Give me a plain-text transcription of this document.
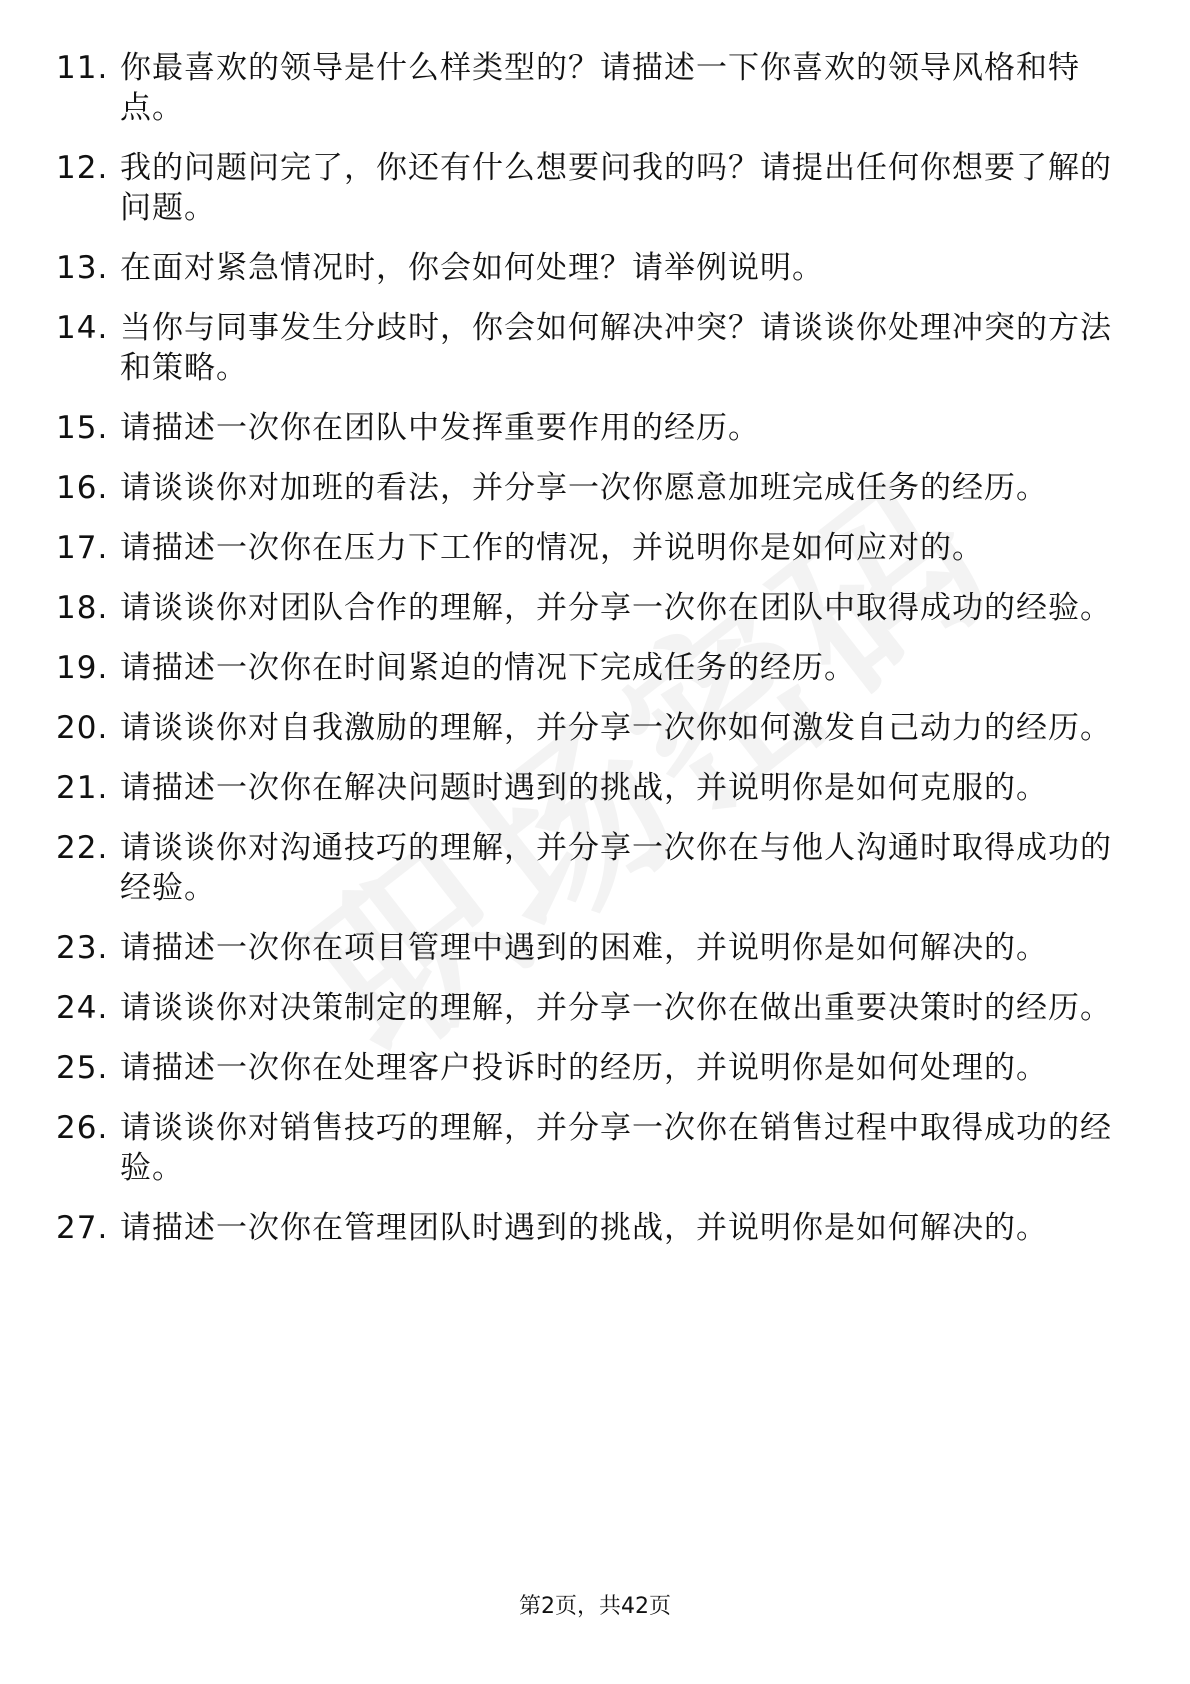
11. 你最喜欢的领导是什么样类型的？请描述一下你喜欢的领导风格和特点。
12. 我的问题问完了，你还有什么想要问我的吗？请提出任何你想要了解的问题。
13. 在面对紧急情况时，你会如何处理？请举例说明。
14. 当你与同事发生分歧时，你会如何解决冲突？请谈谈你处理冲突的方法和策略。
15. 请描述一次你在团队中发挥重要作用的经历。
16. 请谈谈你对加班的看法，并分享一次你愿意加班完成任务的经历。
17. 请描述一次你在压力下工作的情况，并说明你是如何应对的。
18. 请谈谈你对团队合作的理解，并分享一次你在团队中取得成功的经验。
19. 请描述一次你在时间紧迫的情况下完成任务的经历。
20. 请谈谈你对自我激励的理解，并分享一次你如何激发自己动力的经历。
21. 请描述一次你在解决问题时遇到的挑战，并说明你是如何克服的。
22. 请谈谈你对沟通技巧的理解，并分享一次你在与他人沟通时取得成功的经验。
23. 请描述一次你在项目管理中遇到的困难，并说明你是如何解决的。
24. 请谈谈你对决策制定的理解，并分享一次你在做出重要决策时的经历。
25. 请描述一次你在处理客户投诉时的经历，并说明你是如何处理的。
26. 请谈谈你对销售技巧的理解，并分享一次你在销售过程中取得成功的经验。
27. 请描述一次你在管理团队时遇到的挑战，并说明你是如何解决的。
第2页，共42页
